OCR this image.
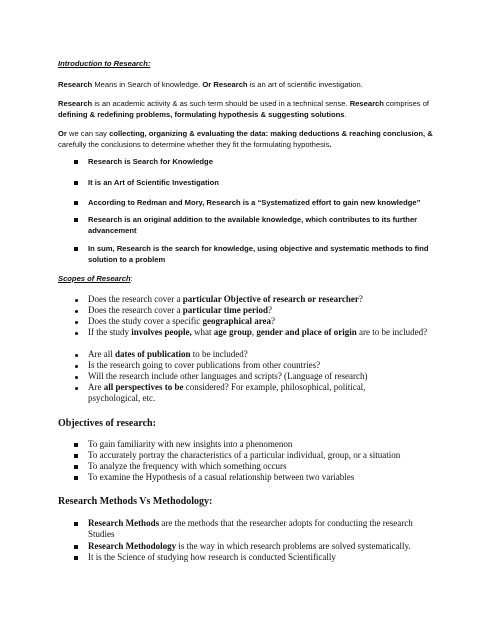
Introduction to Research:

Research Means in Search of knowledge. Or Research is an art of scientific investigation.

Research is an academic activity & as such term should be used in a technical sense. Research comprises of defining & redefining problems, formulating hypothesis & suggesting solutions.

Or we can say collecting, organizing & evaluating the data: making deductions & reaching conclusion, & carefully the conclusions to determine whether they fit the formulating hypothesis.

Research is Search for Knowledge
It is an Art of Scientific Investigation
According to Redman and Mory, Research is a “Systematized effort to gain new knowledge”
Research is an original addition to the available knowledge, which contributes to its further advancement
In sum, Research is the search for knowledge, using objective and systematic methods to find solution to a problem
Scopes of Research:
Does the research cover a particular Objective of research or researcher?
Does the research cover a particular time period?
Does the study cover a specific geographical area?
If the study involves people, what age group, gender and place of origin are to be included?
Are all dates of publication to be included?
Is the research going to cover publications from other countries?
Will the research include other languages and scripts? (Language of research)
Are all perspectives to be considered? For example, philosophical, political, psychological, etc.
Objectives of research:
To gain familiarity with new insights into a phenomenon
To accurately portray the characteristics of a particular individual, group, or a situation
To analyze the frequency with which something occurs
To examine the Hypothesis of a casual relationship between two variables
Research Methods Vs Methodology:
Research Methods are the methods that the researcher adopts for conducting the research Studies
Research Methodology is the way in which research problems are solved systematically.
It is the Science of studying how research is conducted Scientifically
